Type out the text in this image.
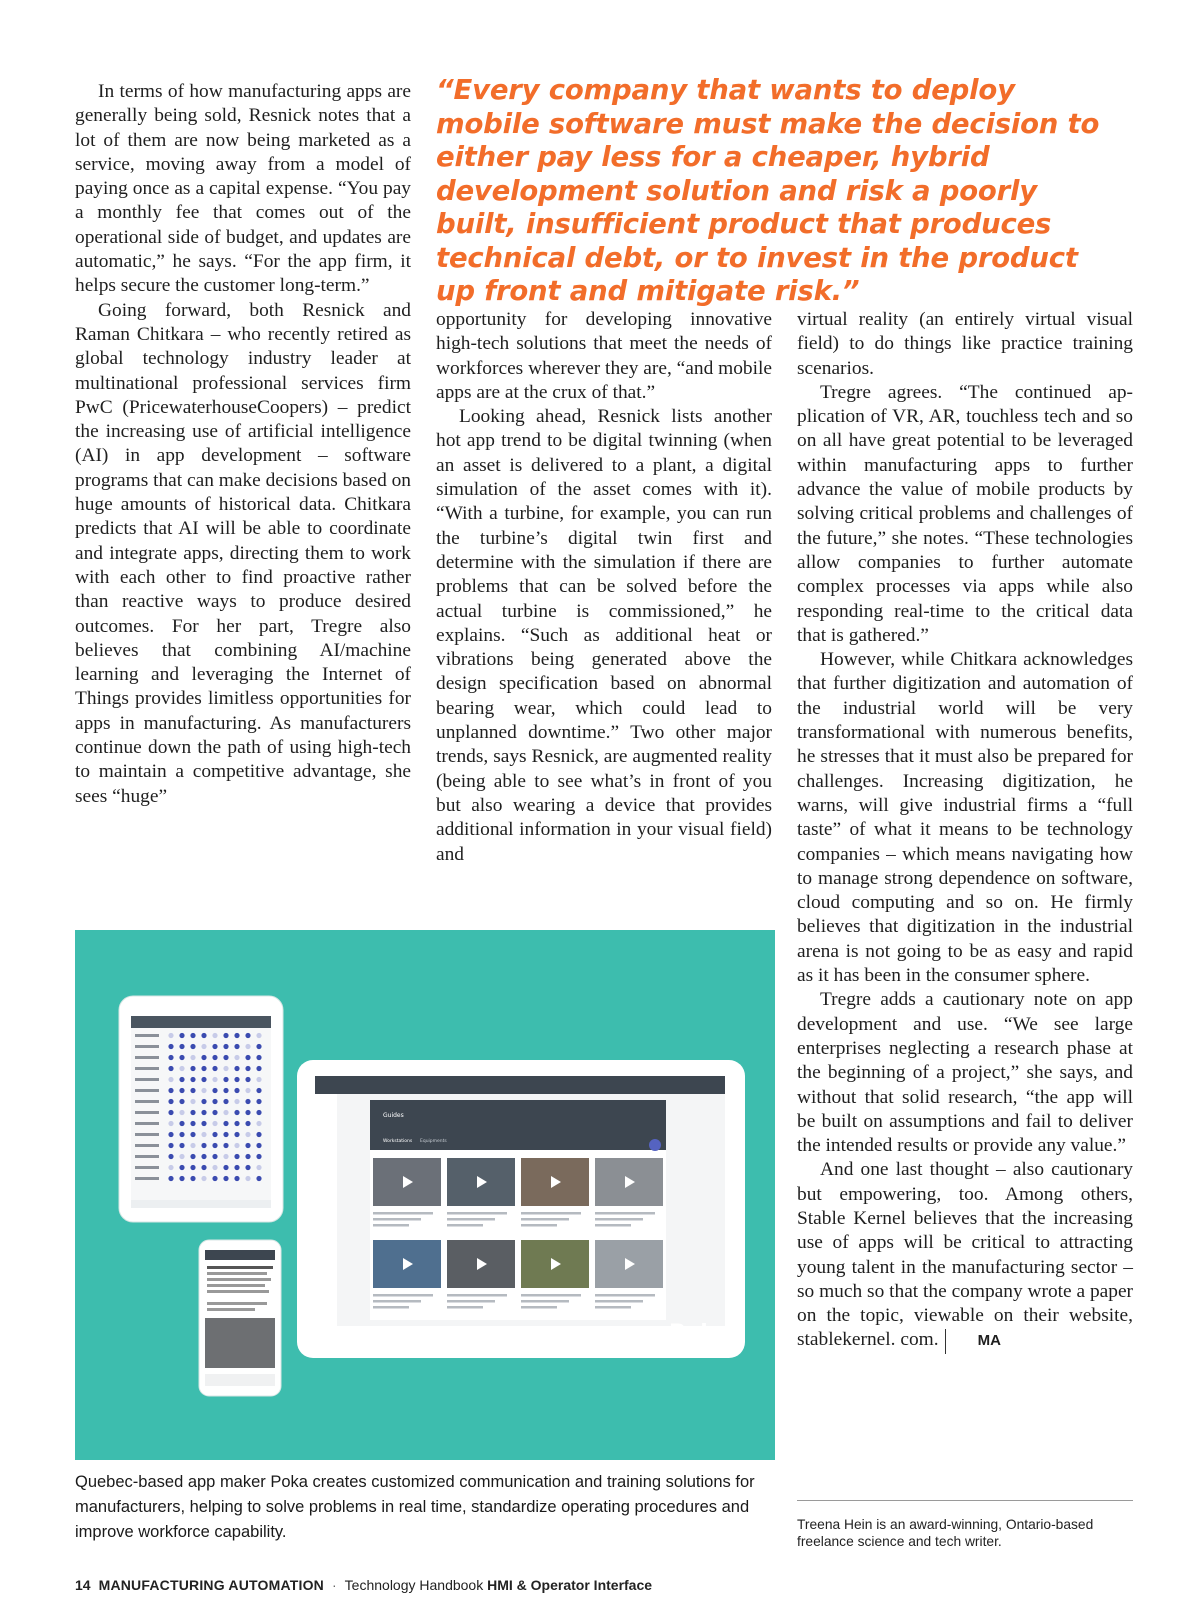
“Every company that wants to deploy mobile software must make the decision to either pay less for a cheaper, hybrid development solution and risk a poorly built, insufficient product that produces technical debt, or to invest in the product up front and mitigate risk.”

In terms of how manufacturing apps are generally being sold, Resnick notes that a lot of them are now being marketed as a service, moving away from a model of paying once as a capital expense. “You pay a monthly fee that comes out of the operational side of budget, and updates are automatic,” he says. “For the app firm, it helps secure the customer long-term.”

Going forward, both Resnick and Raman Chitkara – who recently retired as global technology industry leader at multinational professional services firm PwC (PricewaterhouseCoopers) – predict the increasing use of artificial intelligence (AI) in app development – software programs that can make decisions based on huge amounts of historical data. Chitkara predicts that AI will be able to coordinate and integrate apps, directing them to work with each other to find proactive rather than reactive ways to produce desired outcomes. For her part, Tregre also believes that combining AI/machine learning and leveraging the Internet of Things provides limitless opportunities for apps in manufacturing. As manufacturers continue down the path of using high-tech to maintain a competitive advantage, she sees “huge”

opportunity for developing innovative high-tech solutions that meet the needs of workforces wherever they are, “and mobile apps are at the crux of that.”

Looking ahead, Resnick lists another hot app trend to be digital twinning (when an asset is delivered to a plant, a digital simulation of the asset comes with it). “With a turbine, for example, you can run the turbine’s digital twin first and determine with the simulation if there are problems that can be solved before the actual turbine is commissioned,” he explains. “Such as additional heat or vibrations being generated above the design specification based on abnormal bearing wear, which could lead to unplanned downtime.” Two other major trends, says Resnick, are augmented reality (being able to see what’s in front of you but also wearing a device that provides additional information in your visual field) and

virtual reality (an entirely virtual visual field) to do things like practice training scenarios.

Tregre agrees. “The continued application of VR, AR, touchless tech and so on all have great potential to be leveraged within manufacturing apps to further advance the value of mobile products by solving critical problems and challenges of the future,” she notes. “These technologies allow companies to further automate complex processes via apps while also responding real-time to the critical data that is gathered.”

However, while Chitkara acknowledges that further digitization and automation of the industrial world will be very transformational with numerous benefits, he stresses that it must also be prepared for challenges. Increasing digitization, he warns, will give industrial firms a “full taste” of what it means to be technology companies – which means navigating how to manage strong dependence on software, cloud computing and so on. He firmly believes that digitization in the industrial arena is not going to be as easy and rapid as it has been in the consumer sphere.

Tregre adds a cautionary note on app development and use. “We see large enterprises neglecting a research phase at the beginning of a project,” she says, and without that solid research, “the app will be built on assumptions and fail to deliver the intended results or provide any value.”

And one last thought – also cautionary but empowering, too. Among others, Stable Kernel believes that the increasing use of apps will be critical to attracting young talent in the manufacturing sector – so much so that the company wrote a paper on the topic, viewable on their website, stablekernel. com.	MA

Guides
Workstations Equipments
Poka

Quebec-based app maker Poka creates customized communication and training solutions for manufacturers, helping to solve problems in real time, standardize operating procedures and improve workforce capability.	Treena Hein is an award-winning, Ontario-based freelance science and tech writer.

14 MANUFACTURING AUTOMATION · Technology Handbook HMI & Operator Interface
